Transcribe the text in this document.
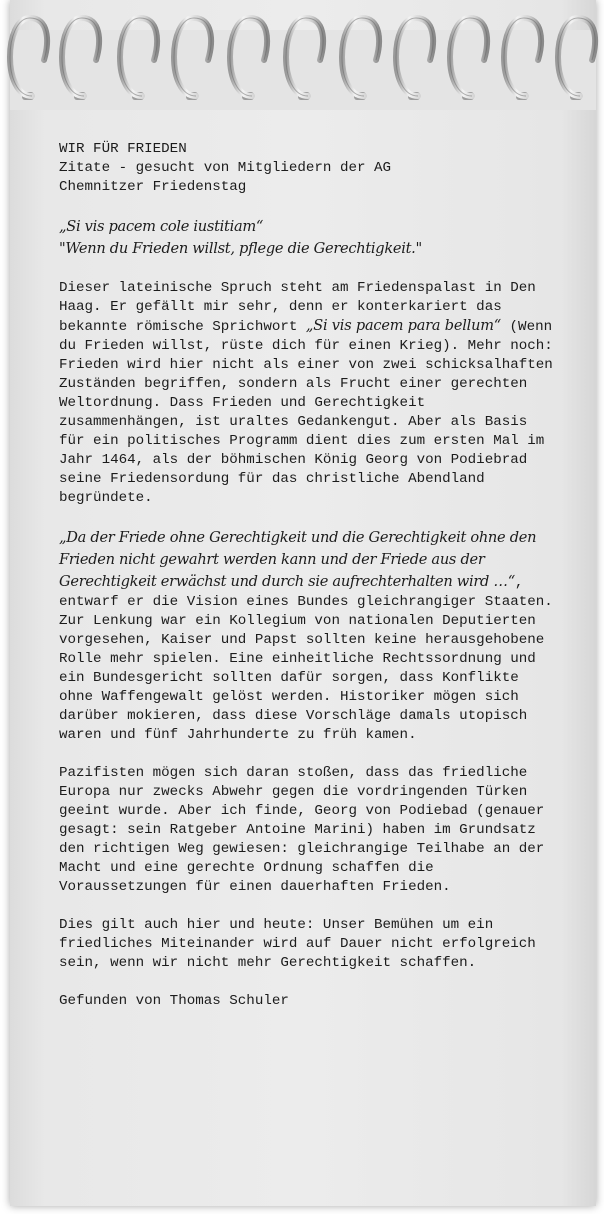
WIR FÜR FRIEDEN
Zitate - gesucht von Mitgliedern der AG
Chemnitzer Friedenstag

„Si vis pacem cole iustitiam“
"Wenn du Frieden willst, pflege die Gerechtigkeit."

Dieser lateinische Spruch steht am Friedenspalast in Den Haag. Er gefällt mir sehr, denn er konterkariert das bekannte römische Sprichwort „Si vis pacem para bellum“ (Wenn du Frieden willst, rüste dich für einen Krieg). Mehr noch: Frieden wird hier nicht als einer von zwei schicksalhaften Zuständen begriffen, sondern als Frucht einer gerechten Weltordnung. Dass Frieden und Gerechtigkeit zusammenhängen, ist uraltes Gedankengut. Aber als Basis für ein politisches Programm dient dies zum ersten Mal im Jahr 1464, als der böhmischen König Georg von Podiebrad seine Friedensordung für das christliche Abendland begründete.

„Da der Friede ohne Gerechtigkeit und die Gerechtigkeit ohne den Frieden nicht gewahrt werden kann und der Friede aus der Gerechtigkeit erwächst und durch sie aufrechterhalten wird …“, entwarf er die Vision eines Bundes gleichrangiger Staaten. Zur Lenkung war ein Kollegium von nationalen Deputierten vorgesehen, Kaiser und Papst sollten keine herausgehobene Rolle mehr spielen. Eine einheitliche Rechtssordnung und ein Bundesgericht sollten dafür sorgen, dass Konflikte ohne Waffengewalt gelöst werden. Historiker mögen sich darüber mokieren, dass diese Vorschläge damals utopisch waren und fünf Jahrhunderte zu früh kamen.

Pazifisten mögen sich daran stoßen, dass das friedliche Europa nur zwecks Abwehr gegen die vordringenden Türken geeint wurde. Aber ich finde, Georg von Podiebad (genauer gesagt: sein Ratgeber Antoine Marini) haben im Grundsatz den richtigen Weg gewiesen: gleichrangige Teilhabe an der Macht und eine gerechte Ordnung schaffen die Voraussetzungen für einen dauerhaften Frieden.

Dies gilt auch hier und heute: Unser Bemühen um ein friedliches Miteinander wird auf Dauer nicht erfolgreich sein, wenn wir nicht mehr Gerechtigkeit schaffen.

Gefunden von Thomas Schuler
